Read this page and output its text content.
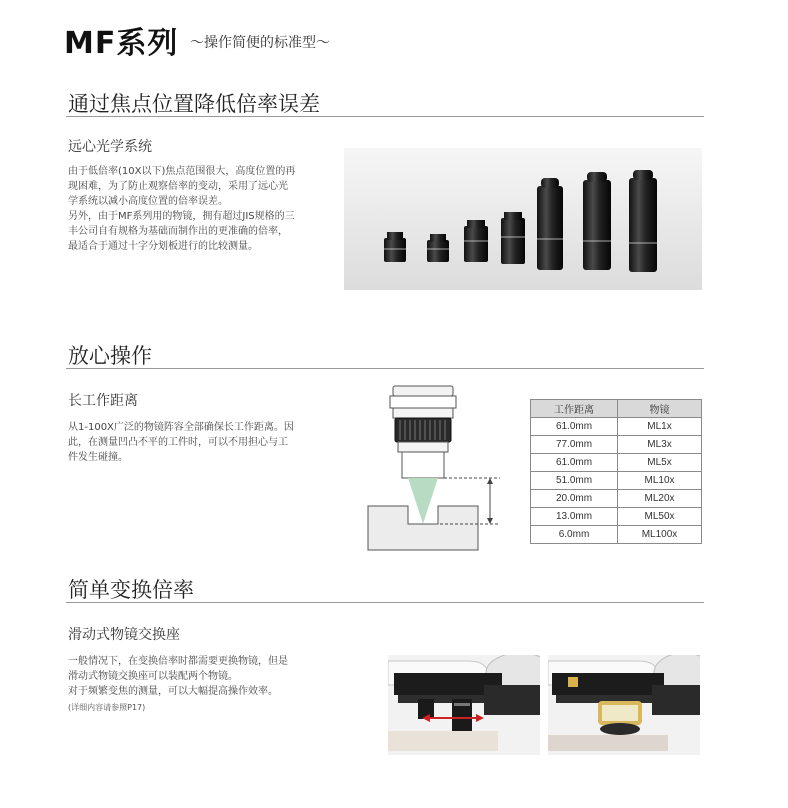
MF系列 ～操作简便的标准型～
通过焦点位置降低倍率误差
远心光学系统
由于低倍率(10X以下)焦点范围很大，高度位置的再
现困难，为了防止观察倍率的变动，采用了远心光
学系统以减小高度位置的倍率误差。
另外，由于MF系列用的物镜，拥有超过JIS规格的三
丰公司自有规格为基础而制作出的更准确的倍率，
最适合于通过十字分划板进行的比较测量。
放心操作
长工作距离
从1-100X广泛的物镜阵容全部确保长工作距离。因
此，在测量凹凸不平的工件时，可以不用担心与工
件发生碰撞。
工作距离	物镜
61.0mm	ML1x
77.0mm	ML3x
61.0mm	ML5x
51.0mm	ML10x
20.0mm	ML20x
13.0mm	ML50x
6.0mm	ML100x
简单变换倍率
滑动式物镜交换座
一般情况下，在变换倍率时都需要更换物镜，但是
滑动式物镜交换座可以装配两个物镜。
对于频繁变焦的测量，可以大幅提高操作效率。
(详细内容请参照P17)
